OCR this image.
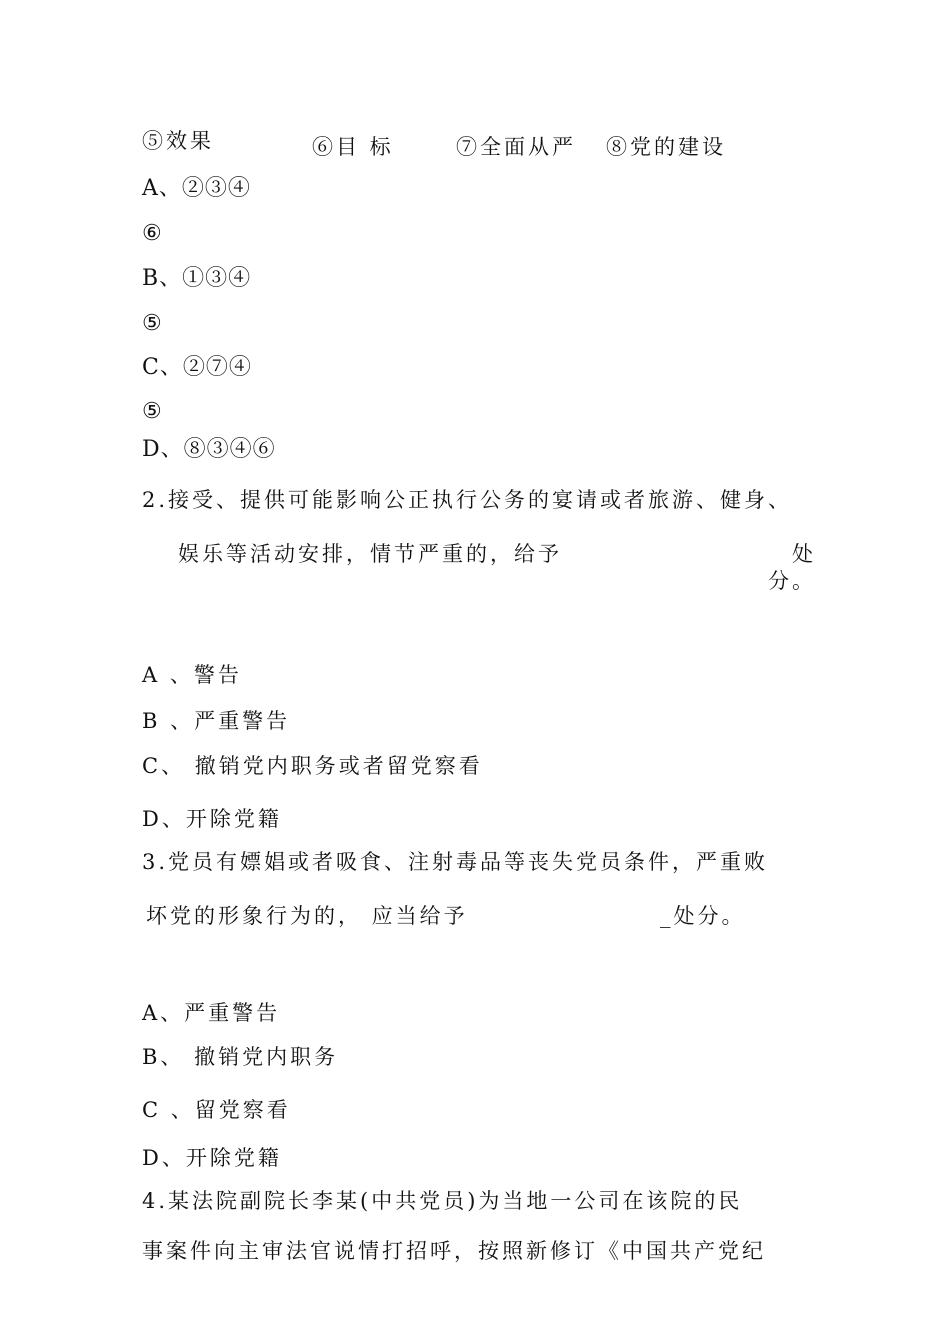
⑤效果	⑥目 标	⑦全面从严 ⑧党的建设
A、②③④
⑥
B、①③④
⑤
C、②⑦④
⑤
D、⑧③④⑥
2.接受、提供可能影响公正执行公务的宴请或者旅游、健身、
娱乐等活动安排，情节严重的，给予	处
分。
A 、警告
B 、严重警告
C、 撤销党内职务或者留党察看
D、开除党籍
3.党员有嫖娼或者吸食、注射毒品等丧失党员条件，严重败
坏党的形象行为的， 应当给予	_处分。
A、严重警告
B、 撤销党内职务
C 、留党察看
D、开除党籍
4.某法院副院长李某(中共党员)为当地一公司在该院的民
事案件向主审法官说情打招呼，按照新修订《中国共产党纪
